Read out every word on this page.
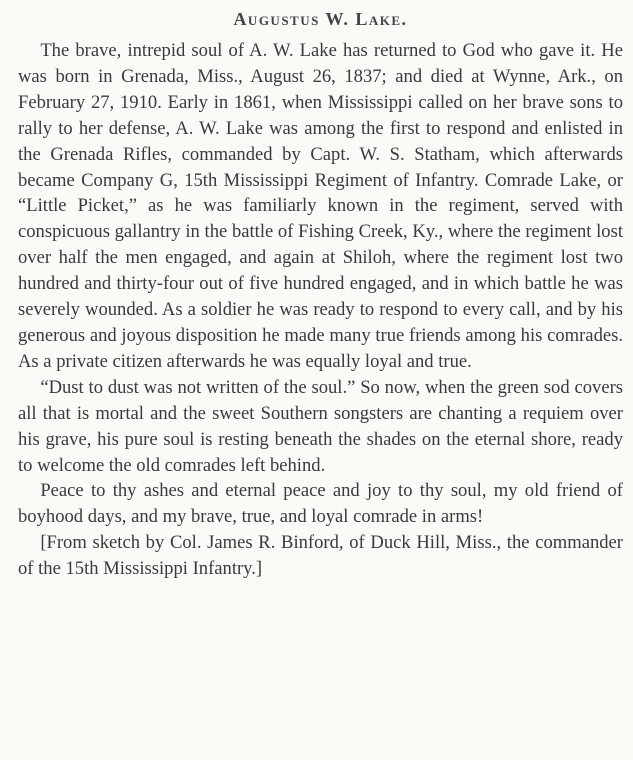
Augustus W. Lake.

The brave, intrepid soul of A. W. Lake has returned to God who gave it. He was born in Grenada, Miss., August 26, 1837; and died at Wynne, Ark., on February 27, 1910. Early in 1861, when Mississippi called on her brave sons to rally to her defense, A. W. Lake was among the first to respond and enlisted in the Grenada Rifles, commanded by Capt. W. S. Statham, which afterwards became Company G, 15th Mississippi Regiment of Infantry. Comrade Lake, or “Little Picket,” as he was familiarly known in the regiment, served with conspicuous gallantry in the battle of Fishing Creek, Ky., where the regiment lost over half the men engaged, and again at Shiloh, where the regiment lost two hundred and thirty-four out of five hundred engaged, and in which battle he was severely wounded. As a soldier he was ready to respond to every call, and by his generous and joyous disposition he made many true friends among his comrades. As a private citizen afterwards he was equally loyal and true.

“Dust to dust was not written of the soul.” So now, when the green sod covers all that is mortal and the sweet Southern songsters are chanting a requiem over his grave, his pure soul is resting beneath the shades on the eternal shore, ready to welcome the old comrades left behind.

Peace to thy ashes and eternal peace and joy to thy soul, my old friend of boyhood days, and my brave, true, and loyal comrade in arms!

[From sketch by Col. James R. Binford, of Duck Hill, Miss., the commander of the 15th Mississippi Infantry.]
